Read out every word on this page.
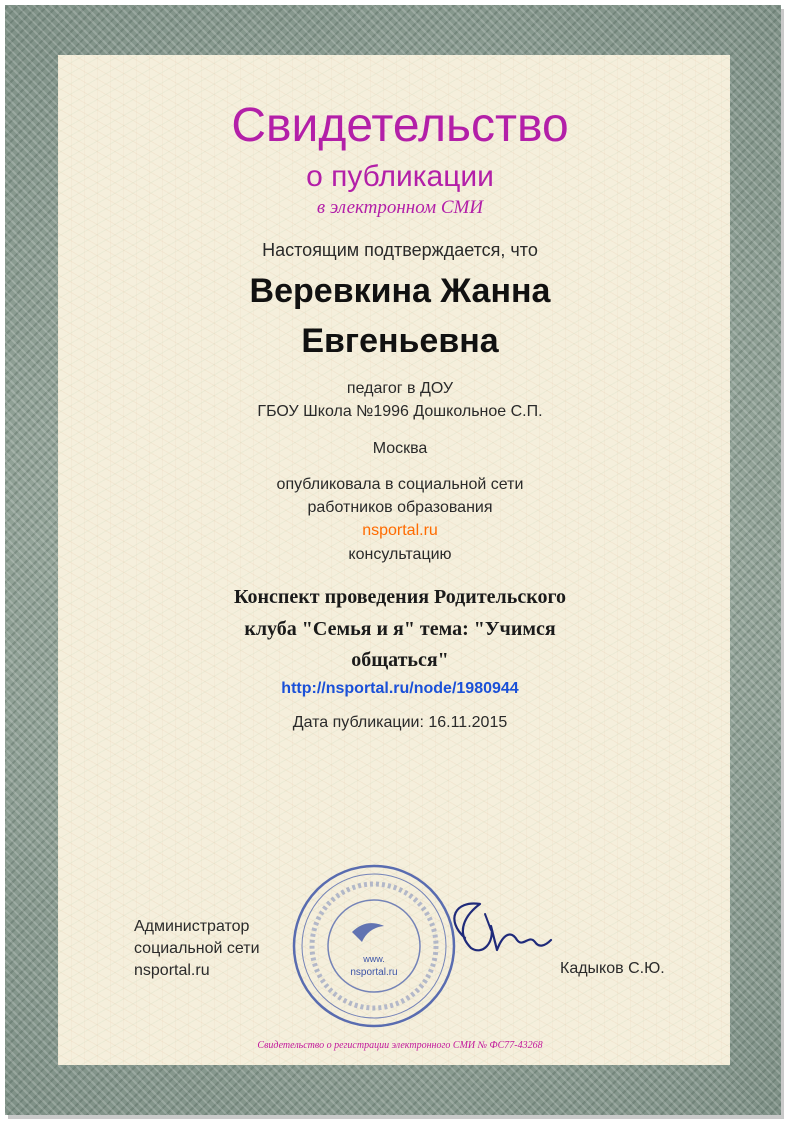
Свидетельство
о публикации
в электронном СМИ
Настоящим подтверждается, что
Веревкина Жанна
Евгеньевна
педагог в ДОУ
ГБОУ Школа №1996 Дошкольное С.П.
Москва
опубликовала в социальной сети
работников образования
nsportal.ru
консультацию
Конспект проведения Родительского
клуба "Семья и я" тема: "Учимся
общаться"
http://nsportal.ru/node/1980944
Дата публикации: 16.11.2015
Администратор
социальной сети
nsportal.ru
www.
nsportal.ru	Кадыков С.Ю.
Свидетельство о регистрации электронного СМИ № ФС77-43268
